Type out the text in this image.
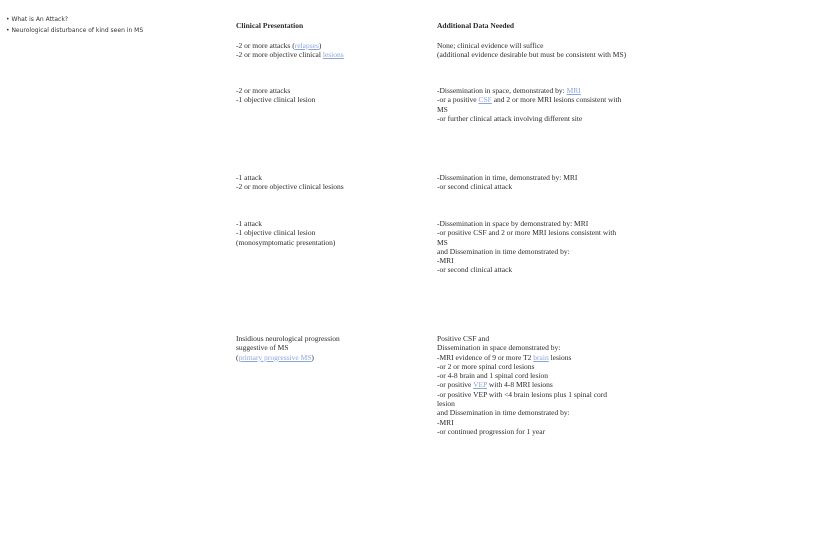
• What is An Attack?
• Neurological disturbance of kind seen in MS
Clinical Presentation	Additional Data Needed
-2 or more attacks (relapses)
-2 or more objective clinical lesions
None; clinical evidence will suffice
(additional evidence desirable but must be consistent with MS)
-2 or more attacks
-1 objective clinical lesion
-Dissemination in space, demonstrated by: MRI
-or a positive CSF and 2 or more MRI lesions consistent with
MS
-or further clinical attack involving different site
-1 attack
-2 or more objective clinical lesions
-Dissemination in time, demonstrated by: MRI
-or second clinical attack
-1 attack
-1 objective clinical lesion
(monosymptomatic presentation)
-Dissemination in space by demonstrated by: MRI
-or positive CSF and 2 or more MRI lesions consistent with
MS
and Dissemination in time demonstrated by:
-MRI
-or second clinical attack
Insidious neurological progression
suggestive of MS
(primary progressive MS)
Positive CSF and
Dissemination in space demonstrated by:
-MRI evidence of 9 or more T2 brain lesions
-or 2 or more spinal cord lesions
-or 4-8 brain and 1 spinal cord lesion
-or positive VEP with 4-8 MRI lesions
-or positive VEP with <4 brain lesions plus 1 spinal cord
lesion
and Dissemination in time demonstrated by:
-MRI
-or continued progression for 1 year
